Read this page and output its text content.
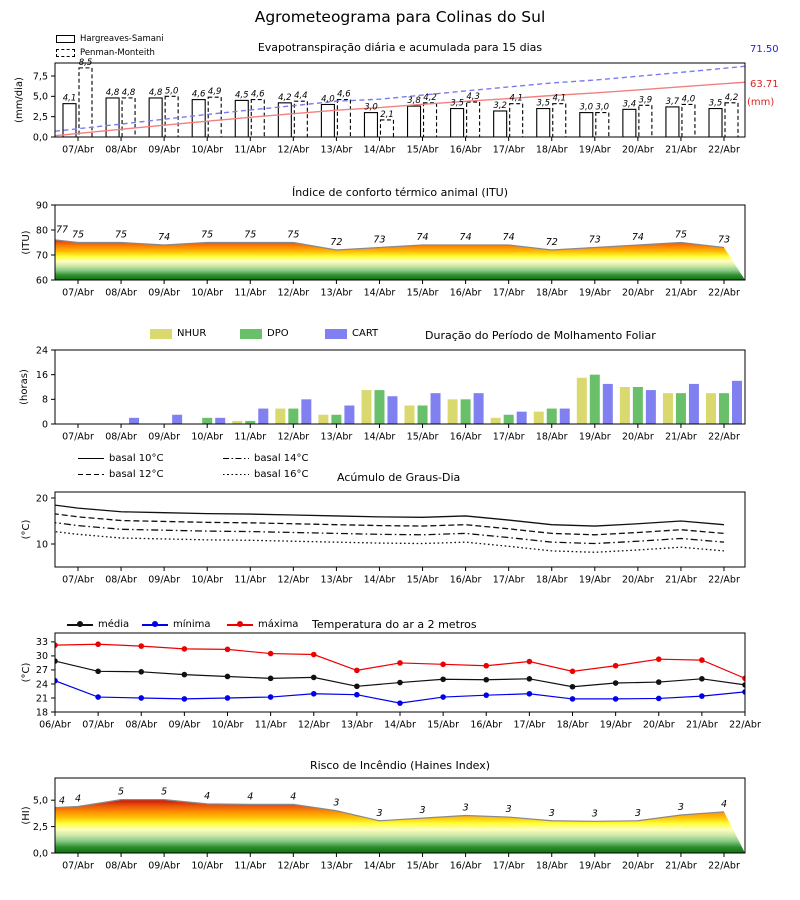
4,1
8,5
4,8 4,8 4,8 5,0 4,6 4,9 4,5 4,6 4,2 4,4 4,0 4,6
3,0
2,1
3,8 4,2
3,5
4,3
3,2
4,1 3,5 4,1
3,0 3,0 3,4 3,9 3,7 4,0 3,5
4,2
0,0
2,5
5,0
7,5
07/Abr 08/Abr 09/Abr 10/Abr 11/Abr 12/Abr 13/Abr 14/Abr 15/Abr 16/Abr 17/Abr 18/Abr 19/Abr 20/Abr 21/Abr 22/Abr
(mm/dia)
77 75	75	74	75	75	75
72	73	74	74	74	72	73	74	75	73
60
70
80
90
07/Abr 08/Abr 09/Abr 10/Abr 11/Abr 12/Abr 13/Abr 14/Abr 15/Abr 16/Abr 17/Abr 18/Abr 19/Abr 20/Abr 21/Abr 22/Abr
(ITU)
0
8
16
24
07/Abr 08/Abr 09/Abr 10/Abr 11/Abr 12/Abr 13/Abr 14/Abr 15/Abr 16/Abr 17/Abr 18/Abr 19/Abr 20/Abr 21/Abr 22/Abr
(horas)
10
20
07/Abr 08/Abr 09/Abr 10/Abr 11/Abr 12/Abr 13/Abr 14/Abr 15/Abr 16/Abr 17/Abr 18/Abr 19/Abr 20/Abr 21/Abr 22/Abr
(°C)
18
21
24
27
30
33
06/Abr 07/Abr 08/Abr 09/Abr 10/Abr 11/Abr 12/Abr 13/Abr 14/Abr 15/Abr 16/Abr 17/Abr 18/Abr 19/Abr 20/Abr 21/Abr 22/Abr
(°C)
4 4
5	5	4	4	4
3
3	3	3	3	3	3	3
3	4
0,0
2,5
5,0
07/Abr 08/Abr 09/Abr 10/Abr 11/Abr 12/Abr 13/Abr 14/Abr 15/Abr 16/Abr 17/Abr 18/Abr 19/Abr 20/Abr 21/Abr 22/Abr
(HI)
Agrometeograma para Colinas do Sul
Hargreaves-Samani
Penman-Monteith	Evapotranspiração diária e acumulada para 15 dias	71.50
63.71
(mm)
Índice de conforto térmico animal (ITU)
NHUR	DPO	CART	Duração do Período de Molhamento Foliar
basal 10°C
basal 12°C
basal 14°C
basal 16°C	Acúmulo de Graus-Dia
média	mínima	máxima Temperatura do ar a 2 metros
Risco de Incêndio (Haines Index)
